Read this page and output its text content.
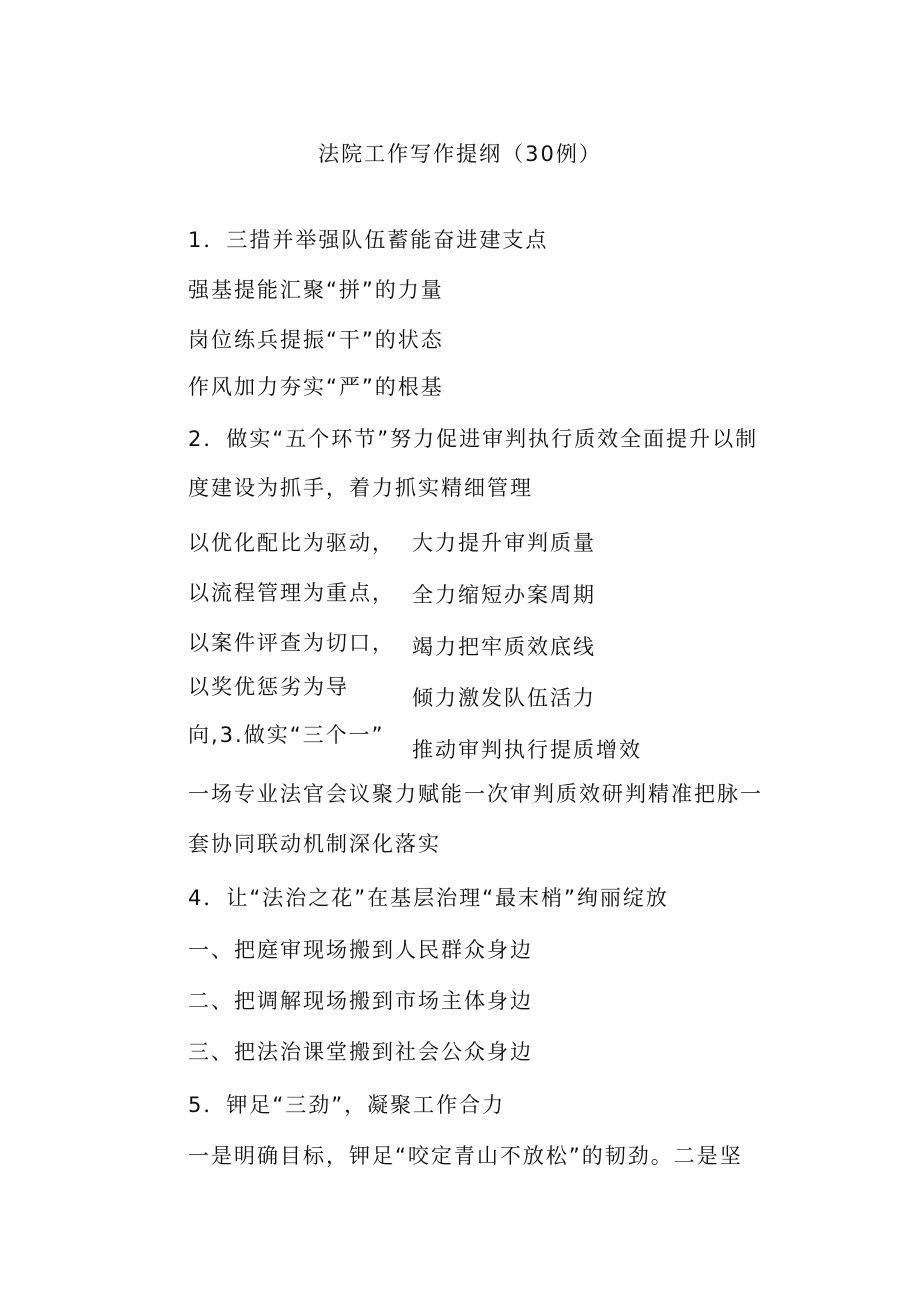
法院工作写作提纲（30例）
1．三措并举强队伍蓄能奋进建支点
强基提能汇聚“拼”的力量
岗位练兵提振“干”的状态
作风加力夯实“严”的根基
2．做实“五个环节”努力促进审判执行质效全面提升以制
度建设为抓手，着力抓实精细管理
以优化配比为驱动， 大力提升审判质量
以流程管理为重点， 全力缩短办案周期
以案件评查为切口， 竭力把牢质效底线
以奖优惩劣为导	倾力激发队伍活力
向,3.做实“三个一”
推动审判执行提质增效
一场专业法官会议聚力赋能一次审判质效研判精准把脉一
套协同联动机制深化落实
4．让“法治之花”在基层治理“最末梢”绚丽绽放
一、把庭审现场搬到人民群众身边
二、把调解现场搬到市场主体身边
三、把法治课堂搬到社会公众身边
5．钾足“三劲”，凝聚工作合力
一是明确目标，钾足“咬定青山不放松”的韧劲。二是坚
